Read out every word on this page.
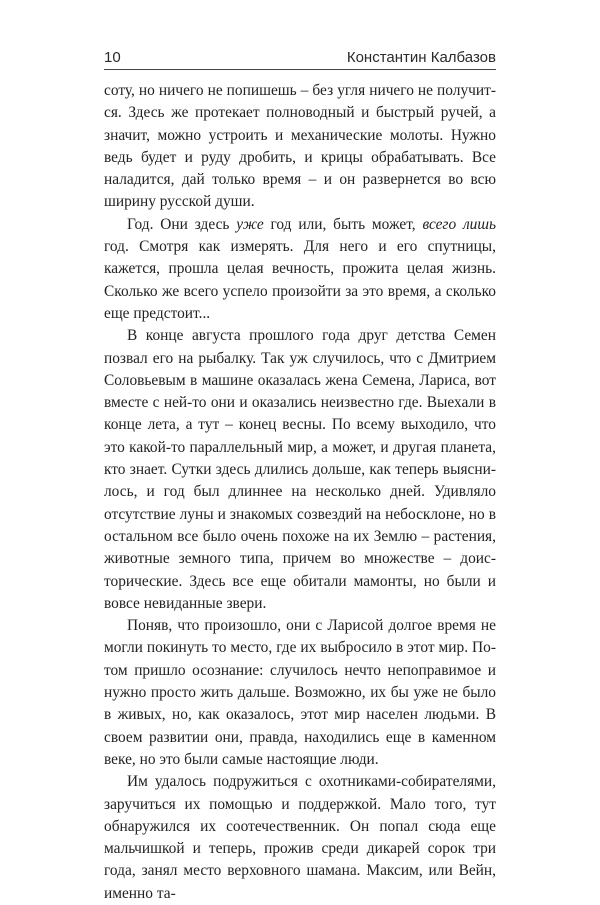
10	Константин Калбазов

соту, но ничего не попишешь – без угля ничего не получится. Здесь же протекает полноводный и быстрый ручей, а значит, можно устроить и механические молоты. Нужно ведь будет и руду дробить, и крицы обрабатывать. Все наладится, дай только время – и он развернется во всю ширину русской души.

Год. Они здесь уже год или, быть может, всего лишь год. Смотря как измерять. Для него и его спутницы, кажется, прошла целая вечность, прожита целая жизнь. Сколько же всего успело произойти за это время, а сколько еще предстоит...

В конце августа прошлого года друг детства Семен позвал его на рыбалку. Так уж случилось, что с Дмитрием Соловьевым в машине оказалась жена Семена, Лариса, вот вместе с ней-то они и оказались неизвестно где. Выехали в конце лета, а тут – конец весны. По всему выходило, что это какой-то параллельный мир, а может, и другая планета, кто знает. Сутки здесь длились дольше, как теперь выяснилось, и год был длиннее на несколько дней. Удивляло отсутствие луны и знакомых созвездий на небосклоне, но в остальном все было очень похоже на их Землю – растения, животные земного типа, причем во множестве – доисторические. Здесь все еще обитали мамонты, но были и вовсе невиданные звери.

Поняв, что произошло, они с Ларисой долгое время не могли покинуть то место, где их выбросило в этот мир. Потом пришло осознание: случилось нечто непоправимое и нужно просто жить дальше. Возможно, их бы уже не было в живых, но, как оказалось, этот мир населен людьми. В своем развитии они, правда, находились еще в каменном веке, но это были самые настоящие люди.

Им удалось подружиться с охотниками-собирателями, заручиться их помощью и поддержкой. Мало того, тут обнаружился их соотечественник. Он попал сюда еще мальчишкой и теперь, прожив среди дикарей сорок три года, занял место верховного шамана. Максим, или Вейн, именно та-
